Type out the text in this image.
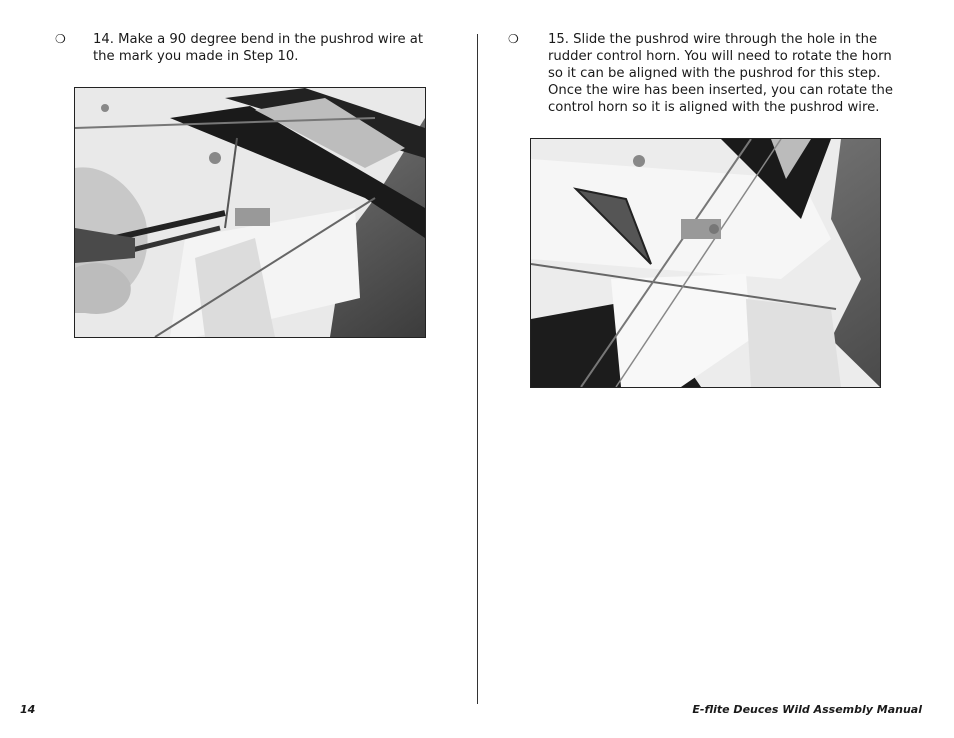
❍ 14. Make a 90 degree bend in the pushrod wire at the mark you made in Step 10.
❍ 15. Slide the pushrod wire through the hole in the rudder control horn. You will need to rotate the horn so it can be aligned with the pushrod for this step. Once the wire has been inserted, you can rotate the control horn so it is aligned with the pushrod wire.
14	E-flite Deuces Wild Assembly Manual
